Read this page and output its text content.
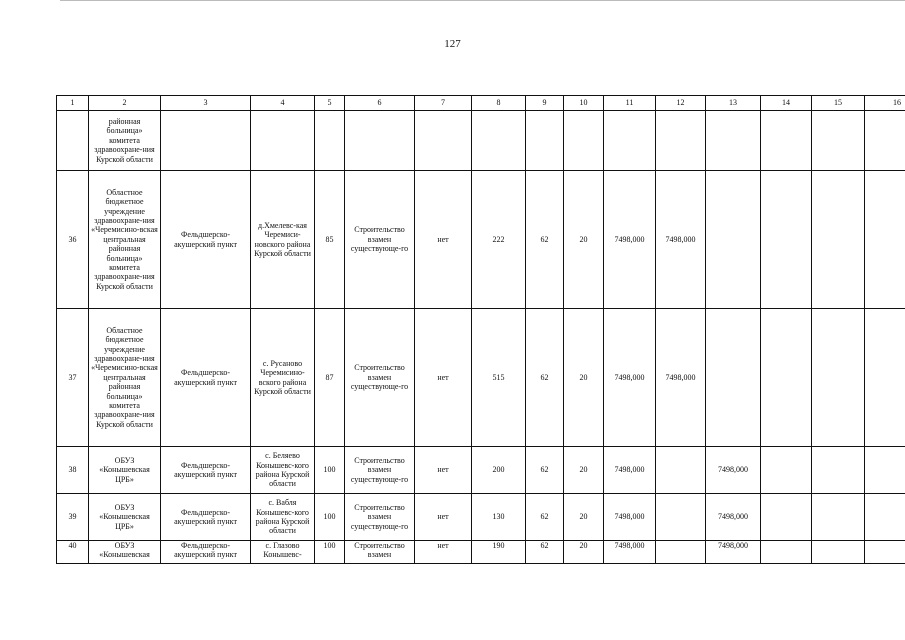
127
1	2	3	4	5	6	7	8	9	10	11	12	13	14	15	16
	районная больница» комитета здравоохране-ния Курской области														
36	Областное бюджетное учреждение здравоохране-ния «Черемисино-вская центральная районная больница» комитета здравоохране-ния Курской области	Фельдшерско-акушерский пункт	д.Хмелевс-кая Черемиси-новского района Курской области	85	Строительство взамен существующе-го	нет	222	62	20	7498,000	7498,000				
37	Областное бюджетное учреждение здравоохране-ния «Черемисино-вская центральная районная больница» комитета здравоохране-ния Курской области	Фельдшерско-акушерский пункт	с. Русаново Черемисино-вского района Курской области	87	Строительство взамен существующе-го	нет	515	62	20	7498,000	7498,000				
38	ОБУЗ «Конышевская ЦРБ»	Фельдшерско-акушерский пункт	с. Беляево Конышевс-кого района Курской области	100	Строительство взамен существующе-го	нет	200	62	20	7498,000		7498,000			
39	ОБУЗ «Конышевская ЦРБ»	Фельдшерско-акушерский пункт	с. Вабля Конышевс-кого района Курской области	100	Строительство взамен существующе-го	нет	130	62	20	7498,000		7498,000			
40	ОБУЗ «Конышевская	Фельдшерско-акушерский пункт	с. Глазово Конышевс-	100	Строительство взамен	нет	190	62	20	7498,000		7498,000			
